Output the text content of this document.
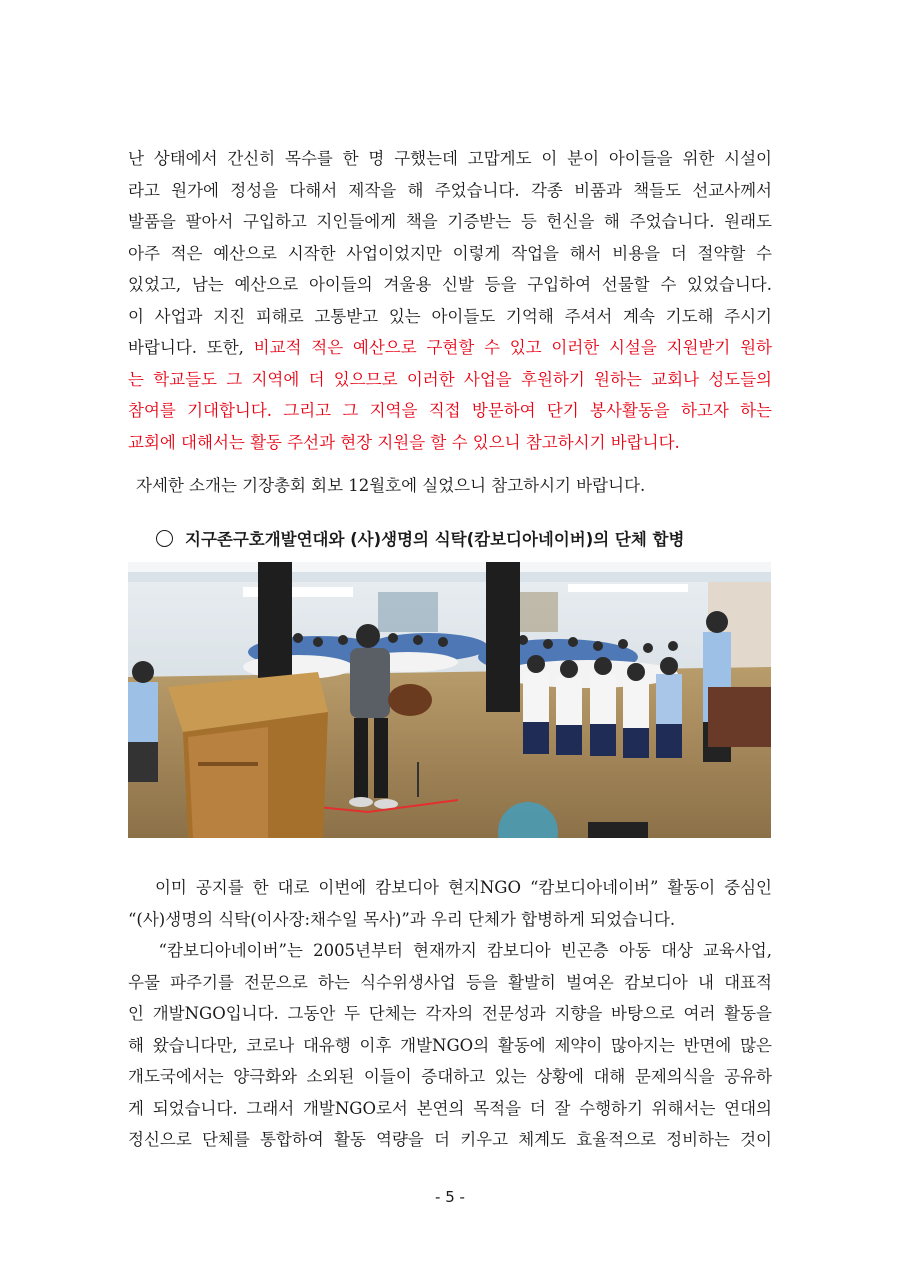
난 상태에서 간신히 목수를 한 명 구했는데 고맙게도 이 분이 아이들을 위한 시설이
라고 원가에 정성을 다해서 제작을 해 주었습니다. 각종 비품과 책들도 선교사께서
발품을 팔아서 구입하고 지인들에게 책을 기증받는 등 헌신을 해 주었습니다. 원래도
아주 적은 예산으로 시작한 사업이었지만 이렇게 작업을 해서 비용을 더 절약할 수
있었고, 남는 예산으로 아이들의 겨울용 신발 등을 구입하여 선물할 수 있었습니다.
이 사업과 지진 피해로 고통받고 있는 아이들도 기억해 주셔서 계속 기도해 주시기
바랍니다. 또한, 비교적 적은 예산으로 구현할 수 있고 이러한 시설을 지원받기 원하
는 학교들도 그 지역에 더 있으므로 이러한 사업을 후원하기 원하는 교회나 성도들의
참여를 기대합니다. 그리고 그 지역을 직접 방문하여 단기 봉사활동을 하고자 하는
교회에 대해서는 활동 주선과 현장 지원을 할 수 있으니 참고하시기 바랍니다.
자세한 소개는 기장총회 회보 12월호에 실었으니 참고하시기 바랍니다.
지구존구호개발연대와 (사)생명의 식탁(캄보디아네이버)의 단체 합병
이미 공지를 한 대로 이번에 캄보디아 현지NGO “캄보디아네이버” 활동이 중심인
“(사)생명의 식탁(이사장:채수일 목사)”과 우리 단체가 합병하게 되었습니다.
“캄보디아네이버”는 2005년부터 현재까지 캄보디아 빈곤층 아동 대상 교육사업,
우물 파주기를 전문으로 하는 식수위생사업 등을 활발히 벌여온 캄보디아 내 대표적
인 개발NGO입니다. 그동안 두 단체는 각자의 전문성과 지향을 바탕으로 여러 활동을
해 왔습니다만, 코로나 대유행 이후 개발NGO의 활동에 제약이 많아지는 반면에 많은
개도국에서는 양극화와 소외된 이들이 증대하고 있는 상황에 대해 문제의식을 공유하
게 되었습니다. 그래서 개발NGO로서 본연의 목적을 더 잘 수행하기 위해서는 연대의
정신으로 단체를 통합하여 활동 역량을 더 키우고 체계도 효율적으로 정비하는 것이
- 5 -
